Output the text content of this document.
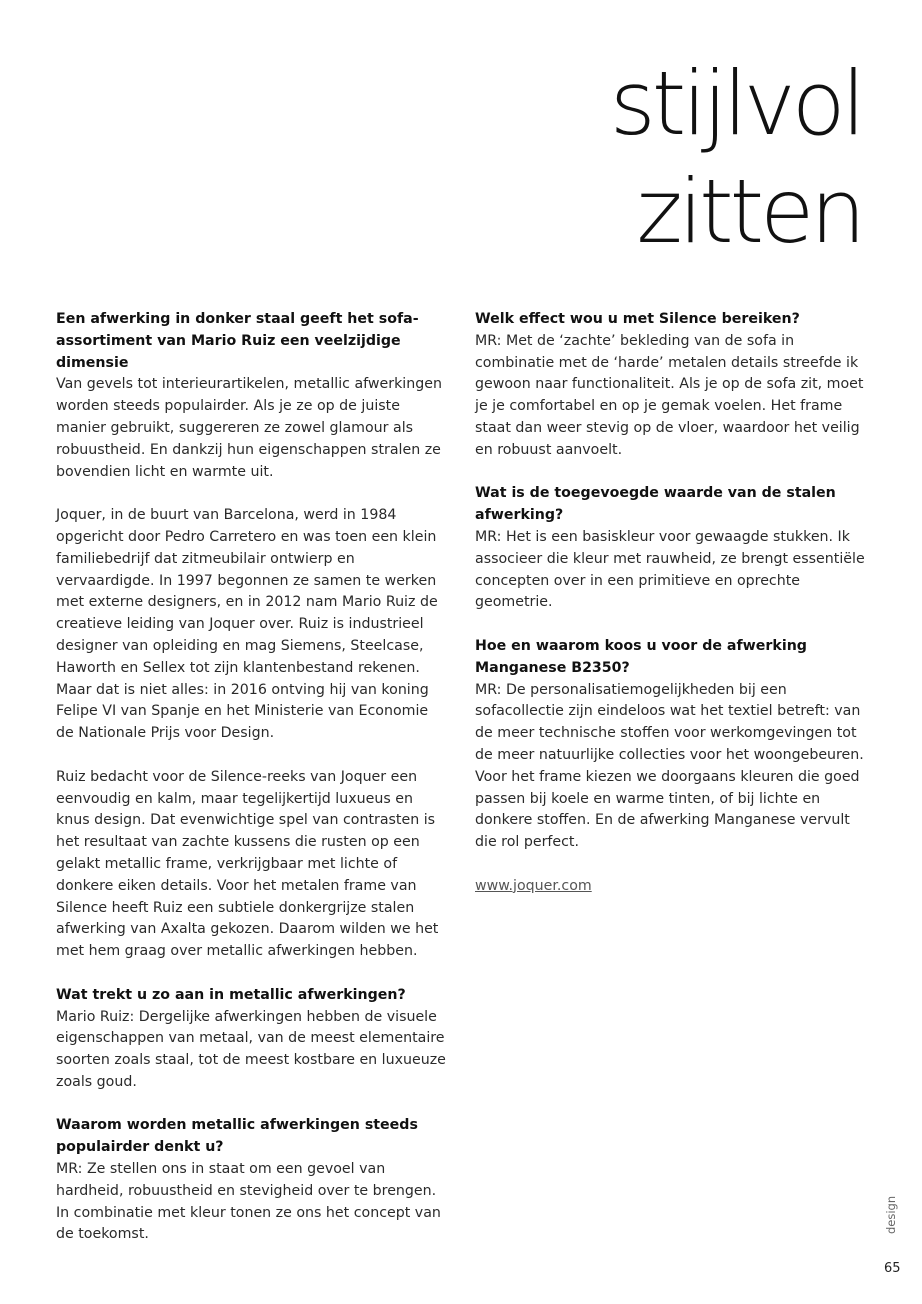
stijlvol
zitten

Een afwerking in donker staal geeft het sofa-assortiment van Mario Ruiz een veelzijdige dimensie

Van gevels tot interieurartikelen, metallic afwerkingen worden steeds populairder. Als je ze op de juiste manier gebruikt, suggereren ze zowel glamour als robuustheid. En dankzij hun eigenschappen stralen ze bovendien licht en warmte uit.

Joquer, in de buurt van Barcelona, werd in 1984 opgericht door Pedro Carretero en was toen een klein familiebedrijf dat zitmeubilair ontwierp en vervaardigde. In 1997 begonnen ze samen te werken met externe designers, en in 2012 nam Mario Ruiz de creatieve leiding van Joquer over. Ruiz is industrieel designer van opleiding en mag Siemens, Steelcase, Haworth en Sellex tot zijn klantenbestand rekenen. Maar dat is niet alles: in 2016 ontving hij van koning Felipe VI van Spanje en het Ministerie van Economie de Nationale Prijs voor Design.

Ruiz bedacht voor de Silence-reeks van Joquer een eenvoudig en kalm, maar tegelijkertijd luxueus en knus design. Dat evenwichtige spel van contrasten is het resultaat van zachte kussens die rusten op een gelakt metallic frame, verkrijgbaar met lichte of donkere eiken details. Voor het metalen frame van Silence heeft Ruiz een subtiele donkergrijze stalen afwerking van Axalta gekozen. Daarom wilden we het met hem graag over metallic afwerkingen hebben.

Wat trekt u zo aan in metallic afwerkingen?

Mario Ruiz: Dergelijke afwerkingen hebben de visuele eigenschappen van metaal, van de meest elementaire soorten zoals staal, tot de meest kostbare en luxueuze zoals goud.

Waarom worden metallic afwerkingen steeds populairder denkt u?

MR: Ze stellen ons in staat om een gevoel van hardheid, robuustheid en stevigheid over te brengen. In combinatie met kleur tonen ze ons het concept van de toekomst.

Welk effect wou u met Silence bereiken?

MR: Met de ‘zachte’ bekleding van de sofa in combinatie met de ‘harde’ metalen details streefde ik gewoon naar functionaliteit. Als je op de sofa zit, moet je je comfortabel en op je gemak voelen. Het frame staat dan weer stevig op de vloer, waardoor het veilig en robuust aanvoelt.

Wat is de toegevoegde waarde van de stalen afwerking?

MR: Het is een basiskleur voor gewaagde stukken. Ik associeer die kleur met rauwheid, ze brengt essentiële concepten over in een primitieve en oprechte geometrie.

Hoe en waarom koos u voor de afwerking Manganese B2350?

MR: De personalisatiemogelijkheden bij een sofacollectie zijn eindeloos wat het textiel betreft: van de meer technische stoffen voor werkomgevingen tot de meer natuurlijke collecties voor het woongebeuren. Voor het frame kiezen we doorgaans kleuren die goed passen bij koele en warme tinten, of bij lichte en donkere stoffen. En de afwerking Manganese vervult die rol perfect.

www.joquer.com
design
65
